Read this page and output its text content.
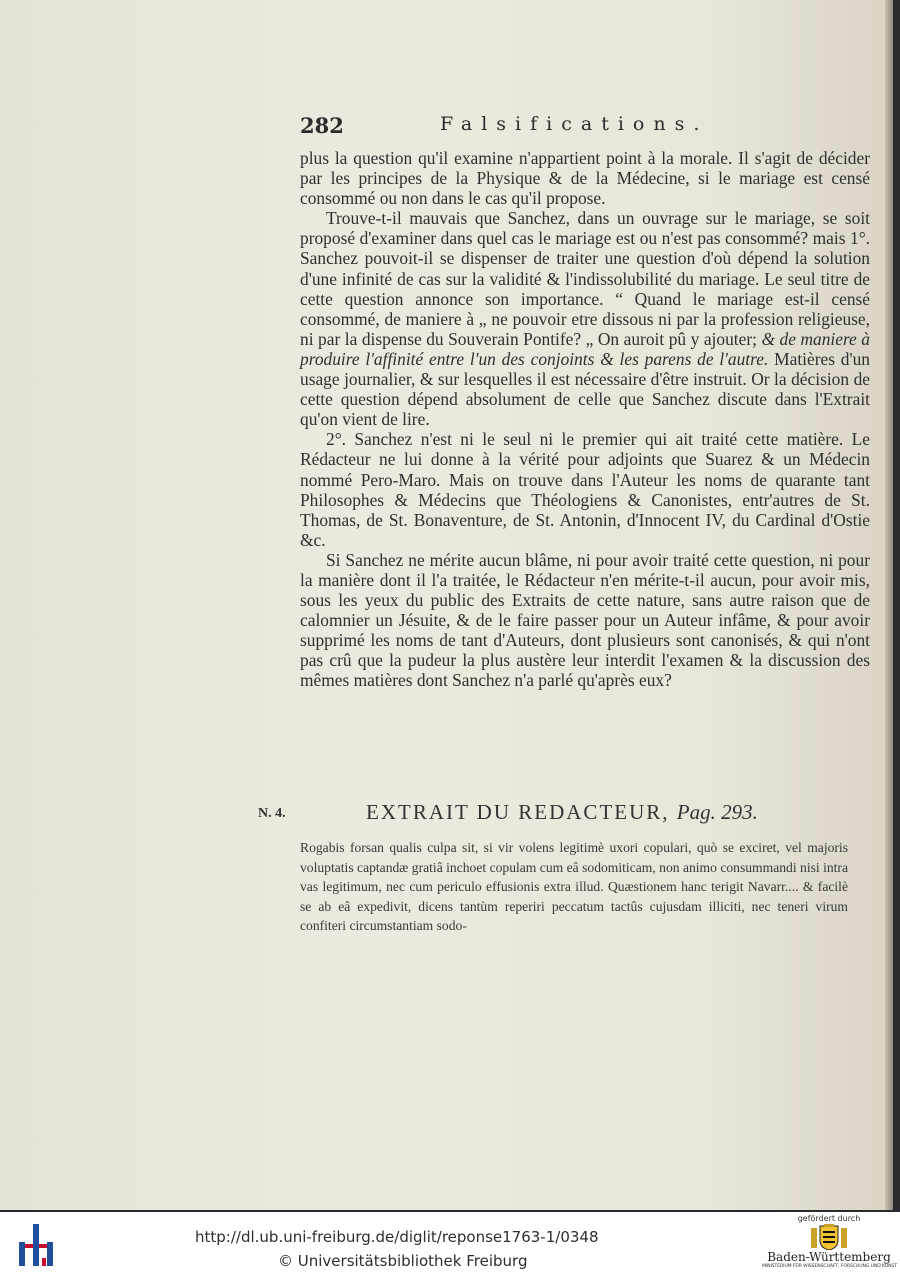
282	Falsifications.

plus la question qu'il examine n'appartient point à la morale. Il s'agit de décider par les principes de la Physique & de la Médecine, si le mariage est censé consommé ou non dans le cas qu'il propose.

Trouve-t-il mauvais que Sanchez, dans un ouvrage sur le mariage, se soit proposé d'examiner dans quel cas le mariage est ou n'est pas consommé? mais 1°. Sanchez pouvoit-il se dispenser de traiter une question d'où dépend la solution d'une infinité de cas sur la validité & l'indissolubilité du mariage. Le seul titre de cette question annonce son importance. “ Quand le mariage est-il censé consommé, de maniere à „ ne pouvoir etre dissous ni par la profession religieuse, ni par la dispense du Souverain Pontife? „ On auroit pû y ajouter; & de maniere à produire l'affinité entre l'un des conjoints & les parens de l'autre. Matières d'un usage journalier, & sur lesquelles il est nécessaire d'être instruit. Or la décision de cette question dépend absolument de celle que Sanchez discute dans l'Extrait qu'on vient de lire.

2°. Sanchez n'est ni le seul ni le premier qui ait traité cette matière. Le Rédacteur ne lui donne à la vérité pour adjoints que Suarez & un Médecin nommé Pero-Maro. Mais on trouve dans l'Auteur les noms de quarante tant Philosophes & Médecins que Théologiens & Canonistes, entr'autres de St. Thomas, de St. Bonaventure, de St. Antonin, d'Innocent IV, du Cardinal d'Ostie &c.

Si Sanchez ne mérite aucun blâme, ni pour avoir traité cette question, ni pour la manière dont il l'a traitée, le Rédacteur n'en mérite-t-il aucun, pour avoir mis, sous les yeux du public des Extraits de cette nature, sans autre raison que de calomnier un Jésuite, & de le faire passer pour un Auteur infâme, & pour avoir supprimé les noms de tant d'Auteurs, dont plusieurs sont canonisés, & qui n'ont pas crû que la pudeur la plus austère leur interdit l'examen & la discussion des mêmes matières dont Sanchez n'a parlé qu'après eux?

N. 4.	EXTRAIT DU REDACTEUR, Pag. 293.
Rogabis forsan qualis culpa sit, si vir volens legitimè uxori copulari, quò se exciret, vel majoris voluptatis captandæ gratiâ inchoet copulam cum eâ sodomiticam, non animo consummandi nisi intra vas legitimum, nec cum periculo effusionis extra illud. Quæstionem hanc terigit Navarr.... & facilè se ab eâ expedivit, dicens tantùm reperiri peccatum tactûs cujusdam illiciti, nec teneri virum confiteri circumstantiam sodo-
http://dl.ub.uni-freiburg.de/diglit/reponse1763-1/0348
© Universitätsbibliothek Freiburg
gefördert durch
Baden-Württemberg
MINISTERIUM FÜR WISSENSCHAFT, FORSCHUNG UND KUNST
